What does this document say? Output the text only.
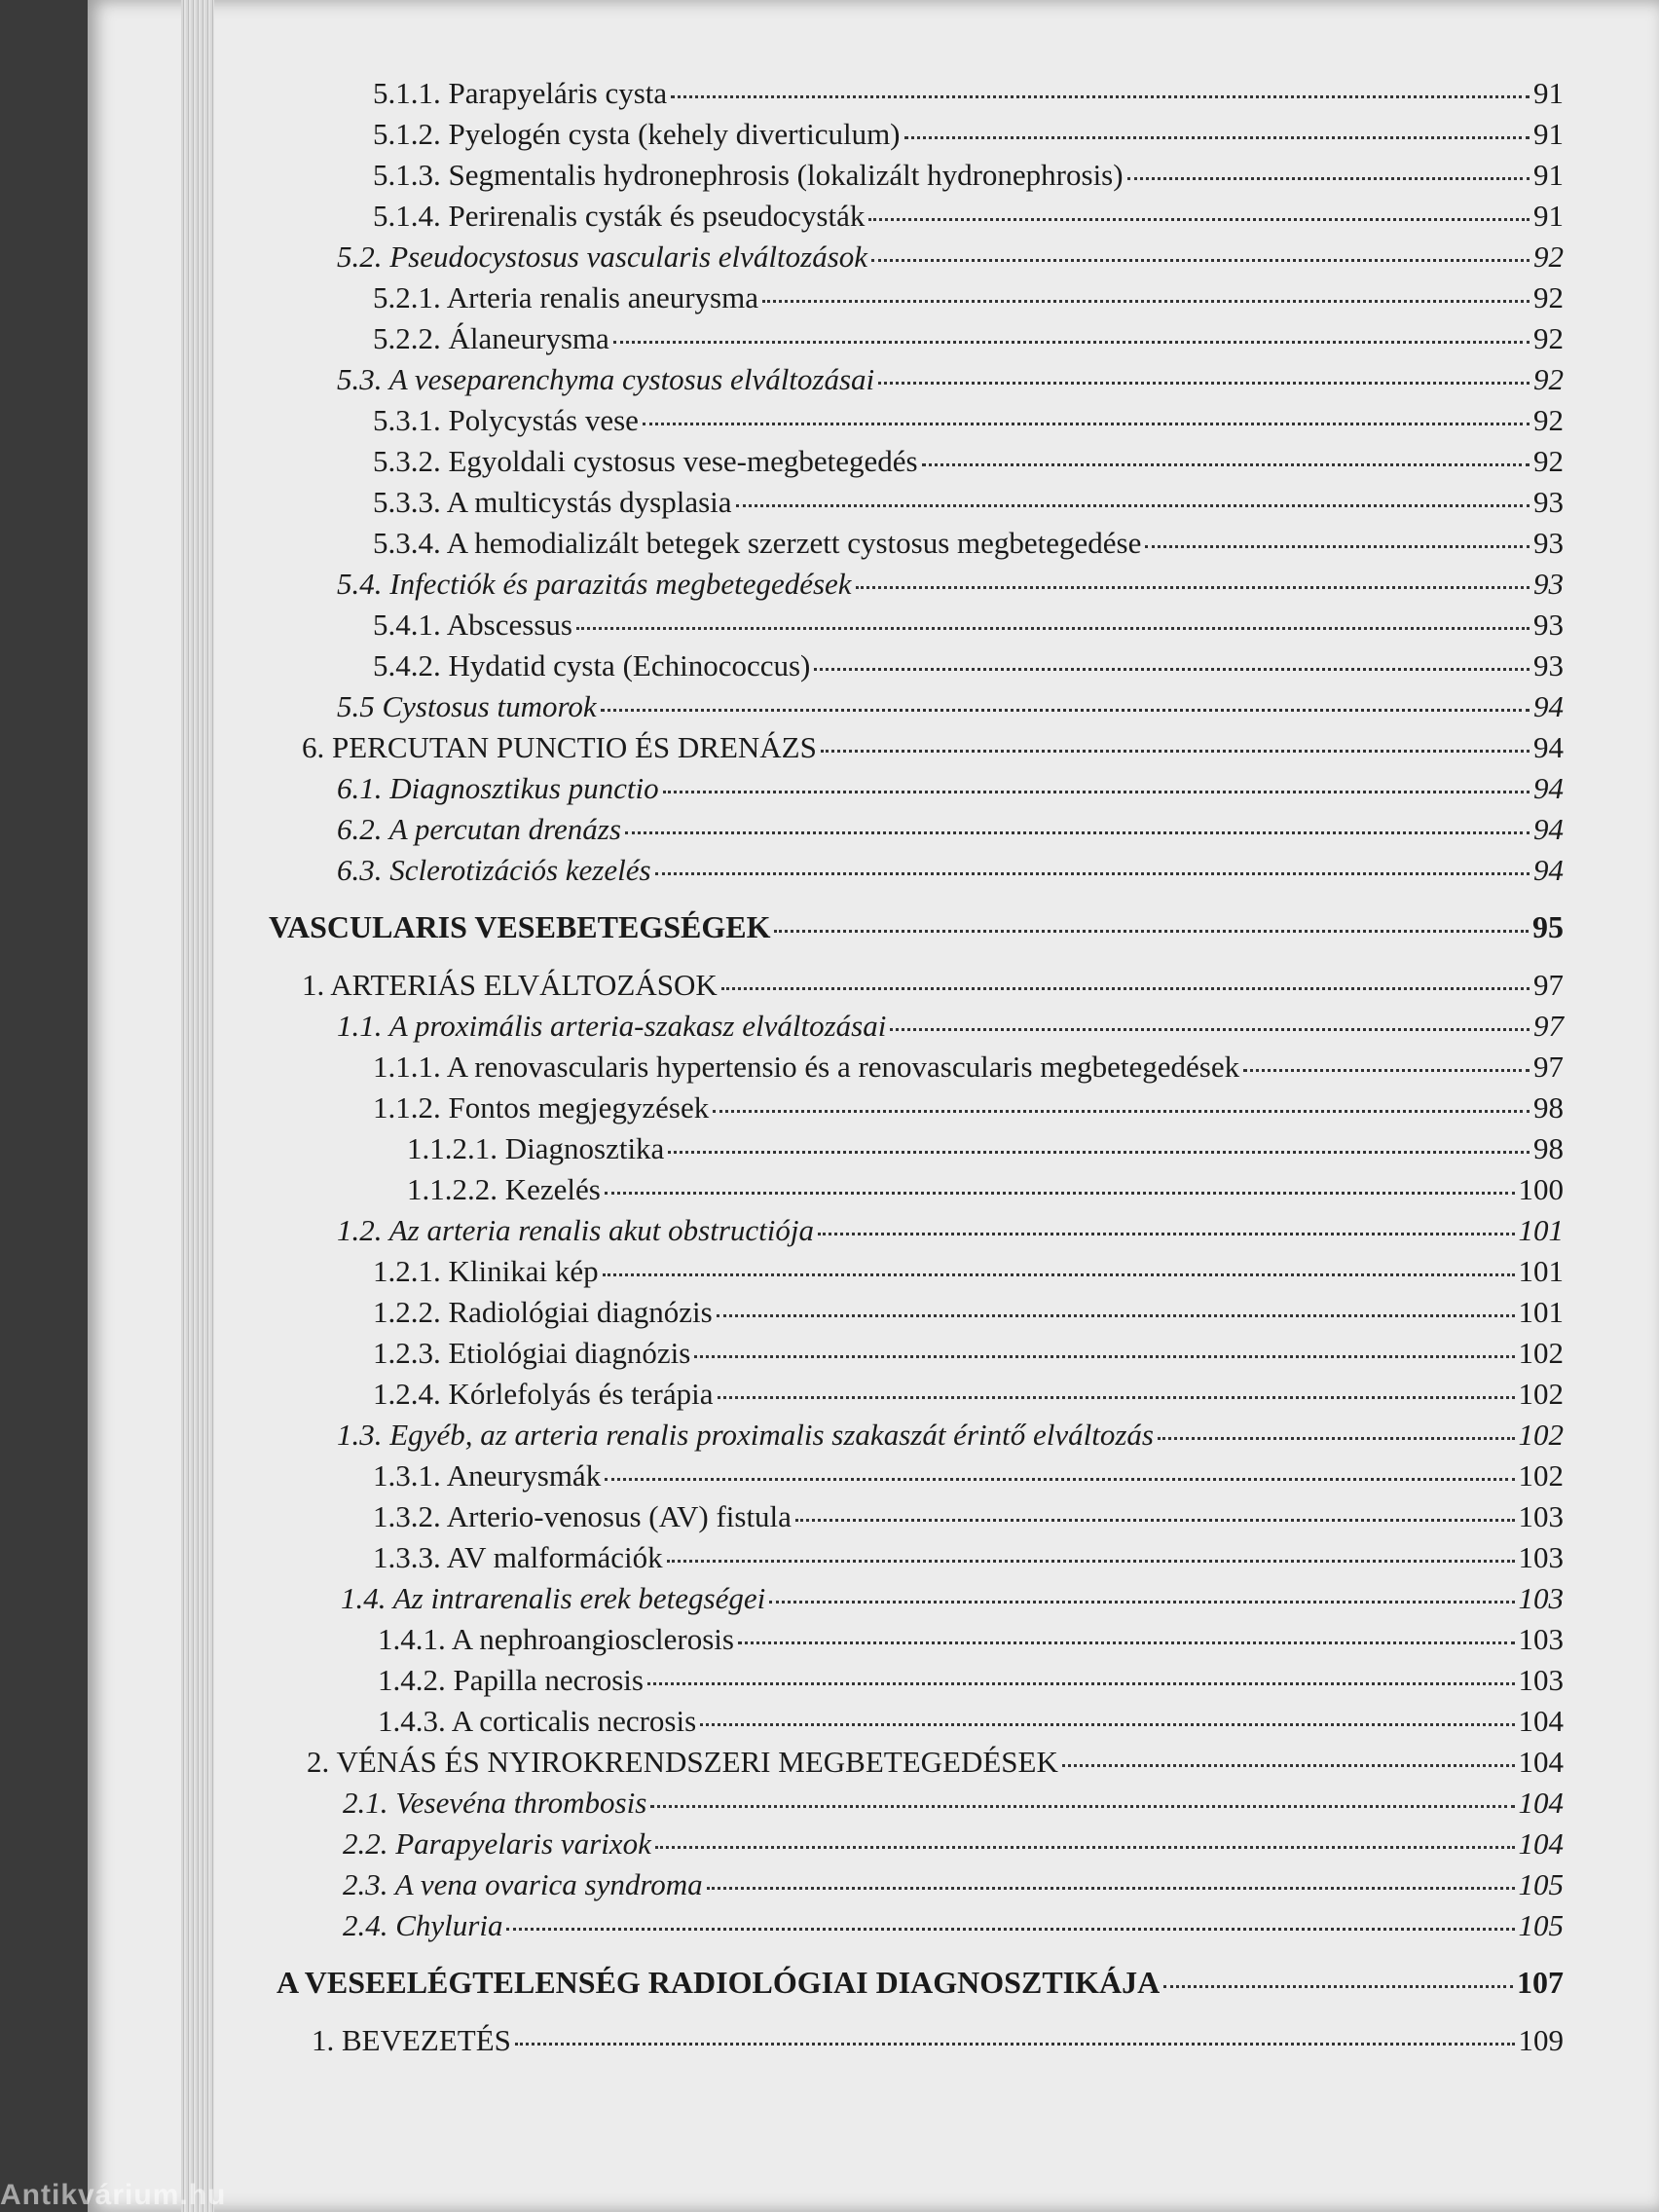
5.1.1. Parapyeláris cysta	91
5.1.2. Pyelogén cysta (kehely diverticulum)	91
5.1.3. Segmentalis hydronephrosis (lokalizált hydronephrosis)	91
5.1.4. Perirenalis cysták és pseudocysták	91
5.2. Pseudocystosus vascularis elváltozások	92
5.2.1. Arteria renalis aneurysma	92
5.2.2. Álaneurysma	92
5.3. A veseparenchyma cystosus elváltozásai	92
5.3.1. Polycystás vese	92
5.3.2. Egyoldali cystosus vese-megbetegedés	92
5.3.3. A multicystás dysplasia	93
5.3.4. A hemodializált betegek szerzett cystosus megbetegedése	93
5.4. Infectiók és parazitás megbetegedések	93
5.4.1. Abscessus	93
5.4.2. Hydatid cysta (Echinococcus)	93
5.5 Cystosus tumorok	94
6. PERCUTAN PUNCTIO ÉS DRENÁZS	94
6.1. Diagnosztikus punctio	94
6.2. A percutan drenázs	94
6.3. Sclerotizációs kezelés	94
VASCULARIS VESEBETEGSÉGEK	95
1. ARTERIÁS ELVÁLTOZÁSOK	97
1.1. A proximális arteria-szakasz elváltozásai	97
1.1.1. A renovascularis hypertensio és a renovascularis megbetegedések	97
1.1.2. Fontos megjegyzések	98
1.1.2.1. Diagnosztika	98
1.1.2.2. Kezelés	100
1.2. Az arteria renalis akut obstructiója	101
1.2.1. Klinikai kép	101
1.2.2. Radiológiai diagnózis	101
1.2.3. Etiológiai diagnózis	102
1.2.4. Kórlefolyás és terápia	102
1.3. Egyéb, az arteria renalis proximalis szakaszát érintő elváltozás	102
1.3.1. Aneurysmák	102
1.3.2. Arterio-venosus (AV) fistula	103
1.3.3. AV malformációk	103
1.4. Az intrarenalis erek betegségei	103
1.4.1. A nephroangiosclerosis	103
1.4.2. Papilla necrosis	103
1.4.3. A corticalis necrosis	104
2. VÉNÁS ÉS NYIROKRENDSZERI MEGBETEGEDÉSEK	104
2.1. Vesevéna thrombosis	104
2.2. Parapyelaris varixok	104
2.3. A vena ovarica syndroma	105
2.4. Chyluria	105
A VESEELÉGTELENSÉG RADIOLÓGIAI DIAGNOSZTIKÁJA	107
1. BEVEZETÉS	109
Antikvárium.hu
